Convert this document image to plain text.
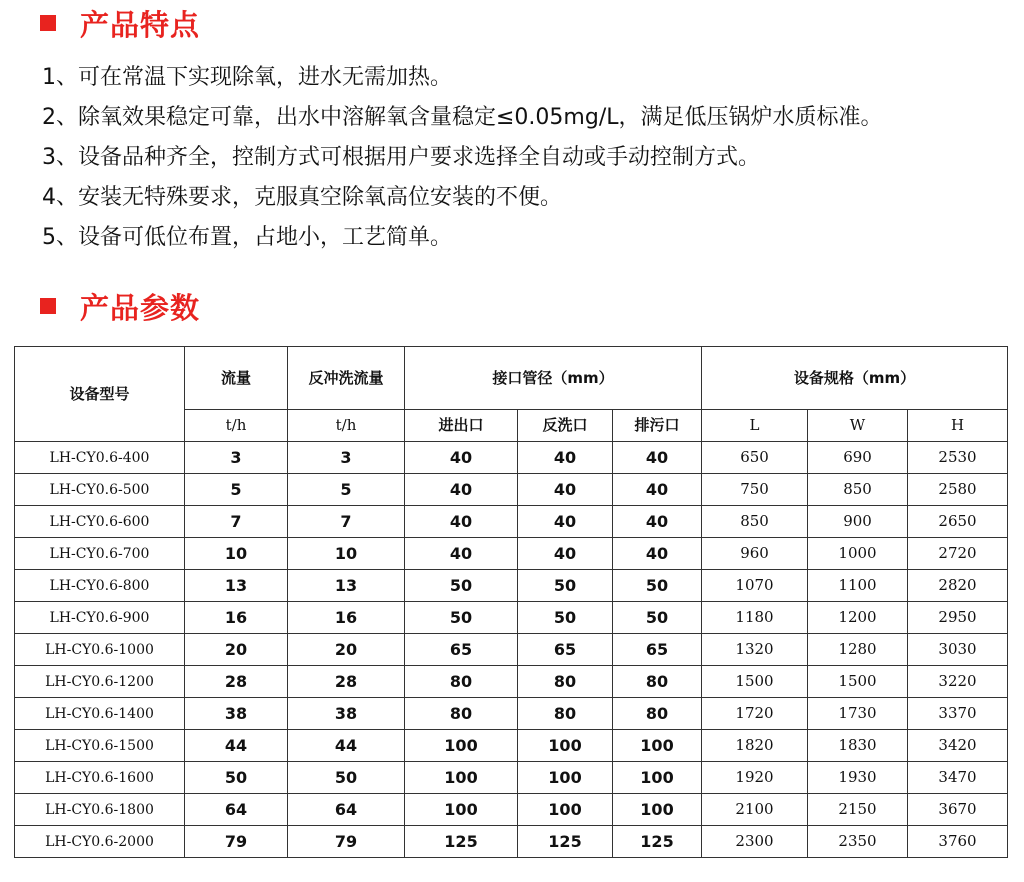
产品特点
1、 可在常温下实现除氧，进水无需加热。
2、 除氧效果稳定可靠，出水中溶解氧含量稳定≤0.05mg/L，满足低压锅炉水质标准。
3、 设备品种齐全，控制方式可根据用户要求选择全自动或手动控制方式。
4、 安装无特殊要求，克服真空除氧高位安装的不便。
5、 设备可低位布置，占地小，工艺简单。
产品参数
设备型号	流量	反冲洗流量	接口管径（mm）			设备规格（mm）		
	t/h	t/h	进出口	反洗口	排污口	L	W	H
LH-CY0.6-400	3	3	40	40	40	650	690	2530
LH-CY0.6-500	5	5	40	40	40	750	850	2580
LH-CY0.6-600	7	7	40	40	40	850	900	2650
LH-CY0.6-700	10	10	40	40	40	960	1000	2720
LH-CY0.6-800	13	13	50	50	50	1070	1100	2820
LH-CY0.6-900	16	16	50	50	50	1180	1200	2950
LH-CY0.6-1000	20	20	65	65	65	1320	1280	3030
LH-CY0.6-1200	28	28	80	80	80	1500	1500	3220
LH-CY0.6-1400	38	38	80	80	80	1720	1730	3370
LH-CY0.6-1500	44	44	100	100	100	1820	1830	3420
LH-CY0.6-1600	50	50	100	100	100	1920	1930	3470
LH-CY0.6-1800	64	64	100	100	100	2100	2150	3670
LH-CY0.6-2000	79	79	125	125	125	2300	2350	3760
